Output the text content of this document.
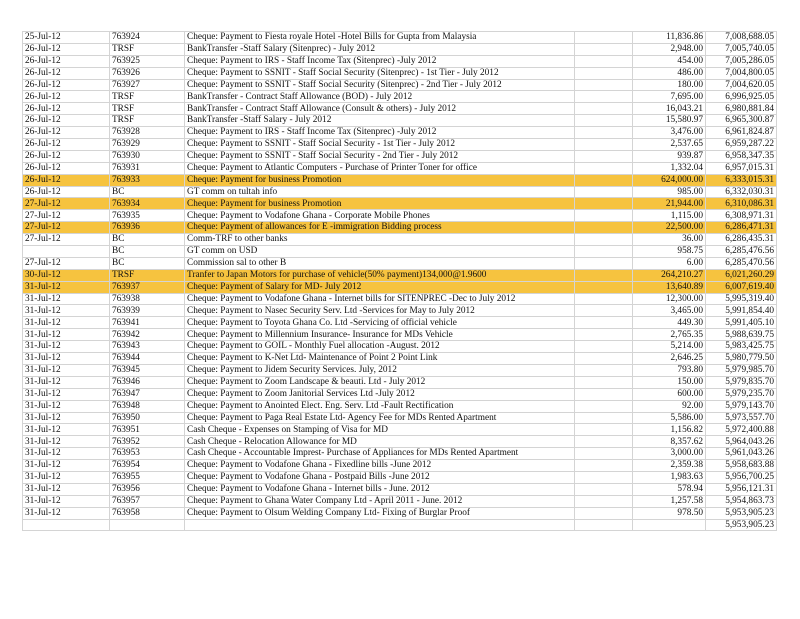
25-Jul-12	763924	Cheque: Payment to Fiesta royale Hotel -Hotel Bills for Gupta from Malaysia		11,836.86	7,008,688.05
26-Jul-12	TRSF	BankTransfer -Staff Salary (Sitenprec) - July 2012		2,948.00	7,005,740.05
26-Jul-12	763925	Cheque: Payment to IRS - Staff Income Tax (Sitenprec) -July 2012		454.00	7,005,286.05
26-Jul-12	763926	Cheque: Payment to SSNIT - Staff Social Security (Sitenprec) - 1st Tier - July 2012		486.00	7,004,800.05
26-Jul-12	763927	Cheque: Payment to SSNIT - Staff Social Security (Sitenprec) - 2nd Tier - July 2012		180.00	7,004,620.05
26-Jul-12	TRSF	BankTransfer - Contract Staff Allowance (BOD) - July 2012		7,695.00	6,996,925.05
26-Jul-12	TRSF	BankTransfer - Contract Staff Allowance (Consult & others) - July 2012		16,043.21	6,980,881.84
26-Jul-12	TRSF	BankTransfer -Staff Salary - July 2012		15,580.97	6,965,300.87
26-Jul-12	763928	Cheque: Payment to IRS - Staff Income Tax (Sitenprec) -July 2012		3,476.00	6,961,824.87
26-Jul-12	763929	Cheque: Payment to SSNIT - Staff Social Security - 1st Tier - July 2012		2,537.65	6,959,287.22
26-Jul-12	763930	Cheque: Payment to SSNIT - Staff Social Security - 2nd Tier - July 2012		939.87	6,958,347.35
26-Jul-12	763931	Cheque: Payment to Atlantic Computers - Purchase of Printer Toner for office		1,332.04	6,957,015.31
26-Jul-12	763933	Cheque: Payment for business Promotion		624,000.00	6,333,015.31
26-Jul-12	BC	GT comm on tultah info		985.00	6,332,030.31
27-Jul-12	763934	Cheque: Payment for business Promotion		21,944.00	6,310,086.31
27-Jul-12	763935	Cheque: Payment to Vodafone Ghana - Corporate Mobile Phones		1,115.00	6,308,971.31
27-Jul-12	763936	Cheque: Payment of allowances for E -immigration Bidding process		22,500.00	6,286,471.31
27-Jul-12	BC	Comm-TRF to other banks		36.00	6,286,435.31
	BC	GT comm on USD		958.75	6,285,476.56
27-Jul-12	BC	Commission sal to other B		6.00	6,285,470.56
30-Jul-12	TRSF	Tranfer to Japan Motors for purchase of vehicle(50% payment)134,000@1.9600		264,210.27	6,021,260.29
31-Jul-12	763937	Cheque: Payment of Salary for MD- July 2012		13,640.89	6,007,619.40
31-Jul-12	763938	Cheque: Payment to Vodafone Ghana - Internet bills for SITENPREC -Dec to July 2012		12,300.00	5,995,319.40
31-Jul-12	763939	Cheque: Payment to Nasec Security Serv. Ltd -Services for May to July 2012		3,465.00	5,991,854.40
31-Jul-12	763941	Cheque: Payment to Toyota Ghana Co. Ltd -Servicing of official vehicle		449.30	5,991,405.10
31-Jul-12	763942	Cheque: Payment to Millennium Insurance- Insurance for MDs Vehicle		2,765.35	5,988,639.75
31-Jul-12	763943	Cheque: Payment to GOIL - Monthly Fuel allocation -August. 2012		5,214.00	5,983,425.75
31-Jul-12	763944	Cheque: Payment to K-Net Ltd- Maintenance of Point 2 Point Link		2,646.25	5,980,779.50
31-Jul-12	763945	Cheque: Payment to Jidem Security Services. July, 2012		793.80	5,979,985.70
31-Jul-12	763946	Cheque: Payment to Zoom Landscape & beauti. Ltd - July 2012		150.00	5,979,835.70
31-Jul-12	763947	Cheque: Payment to Zoom Janitorial Services Ltd -July 2012		600.00	5,979,235.70
31-Jul-12	763948	Cheque: Payment to Anointed Elect. Eng. Serv. Ltd -Fault Rectification		92.00	5,979,143.70
31-Jul-12	763950	Cheque: Payment to Paga Real Estate Ltd- Agency Fee for MDs Rented Apartment		5,586.00	5,973,557.70
31-Jul-12	763951	Cash Cheque - Expenses on Stamping of Visa for MD		1,156.82	5,972,400.88
31-Jul-12	763952	Cash Cheque - Relocation Allowance for MD		8,357.62	5,964,043.26
31-Jul-12	763953	Cash Cheque - Accountable Imprest- Purchase of Appliances for MDs Rented Apartment		3,000.00	5,961,043.26
31-Jul-12	763954	Cheque: Payment to Vodafone Ghana - Fixedline bills -June 2012		2,359.38	5,958,683.88
31-Jul-12	763955	Cheque: Payment to Vodafone Ghana - Postpaid Bills -June 2012		1,983.63	5,956,700.25
31-Jul-12	763956	Cheque: Payment to Vodafone Ghana - Internet bills - June. 2012		578.94	5,956,121.31
31-Jul-12	763957	Cheque: Payment to Ghana Water Company Ltd - April 2011 - June. 2012		1,257.58	5,954,863.73
31-Jul-12	763958	Cheque: Payment to Olsum Welding Company Ltd- Fixing of Burglar Proof		978.50	5,953,905.23
					5,953,905.23
